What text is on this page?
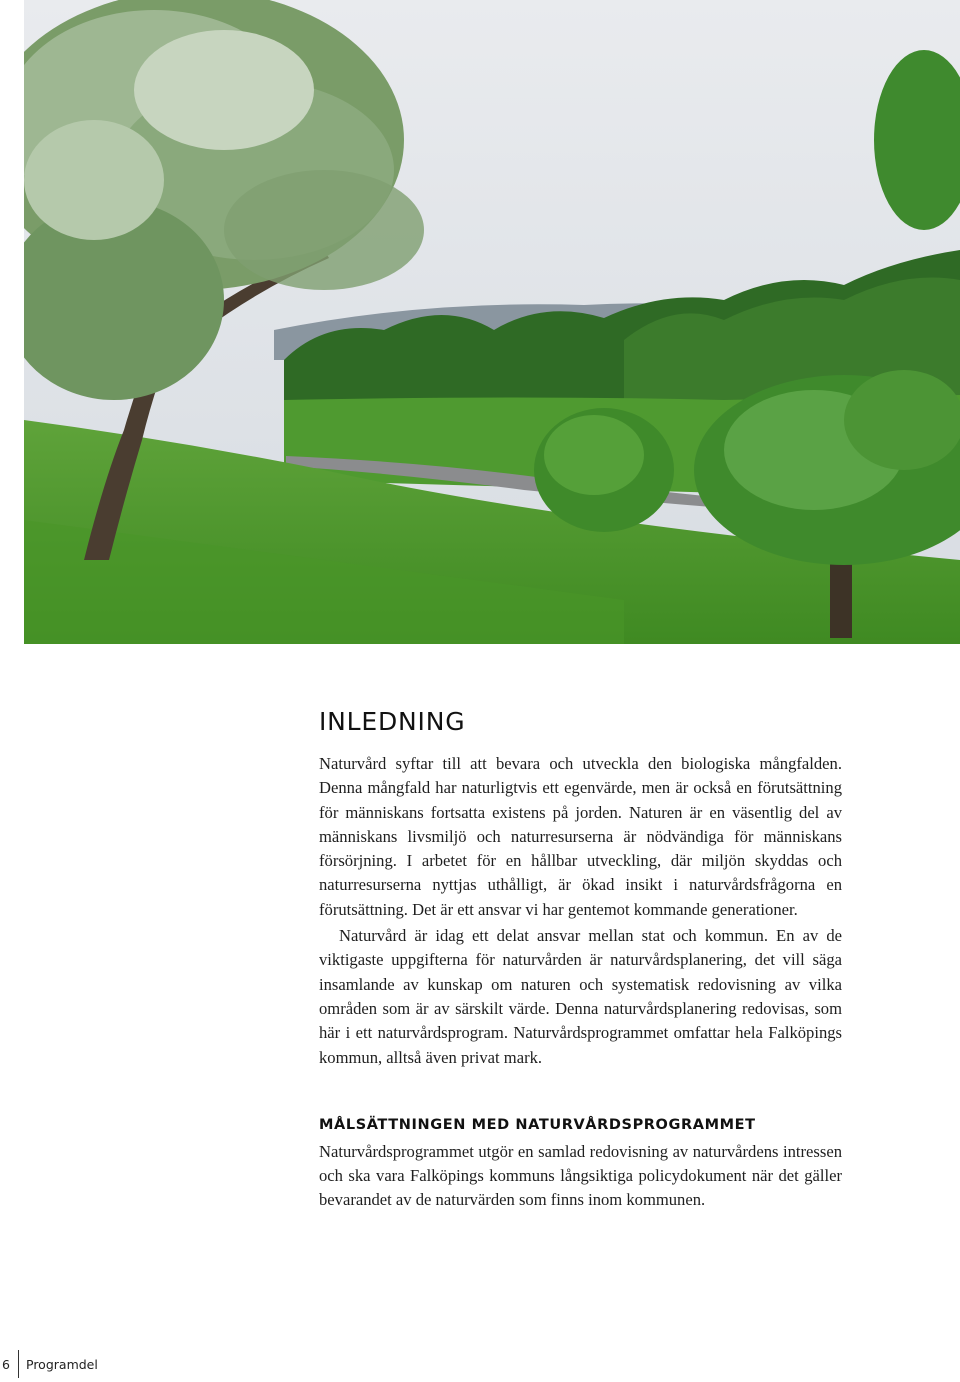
INLEDNING

Naturvård syftar till att bevara och utveckla den biologiska mångfalden. Denna mångfald har naturligtvis ett egenvärde, men är också en förutsättning för människans fortsatta existens på jorden. Naturen är en väsentlig del av människans livsmiljö och naturresurserna är nödvändiga för människans försörjning. I arbetet för en hållbar utveckling, där miljön skyddas och naturresurserna nyttjas uthålligt, är ökad insikt i naturvårdsfrågorna en förutsättning. Det är ett ansvar vi har gentemot kommande generationer.

Naturvård är idag ett delat ansvar mellan stat och kommun. En av de viktigaste uppgifterna för naturvården är naturvårdsplanering, det vill säga insamlande av kunskap om naturen och systematisk redovisning av vilka områden som är av särskilt värde. Denna naturvårdsplanering redovisas, som här i ett naturvårdsprogram. Naturvårdsprogrammet omfattar hela Falköpings kommun, alltså även privat mark.

MÅLSÄTTNINGEN MED NATURVÅRDSPROGRAMMET

Naturvårdsprogrammet utgör en samlad redovisning av naturvårdens intressen och ska vara Falköpings kommuns långsiktiga policydokument när det gäller bevarandet av de naturvärden som finns inom kommunen.

6	Programdel
